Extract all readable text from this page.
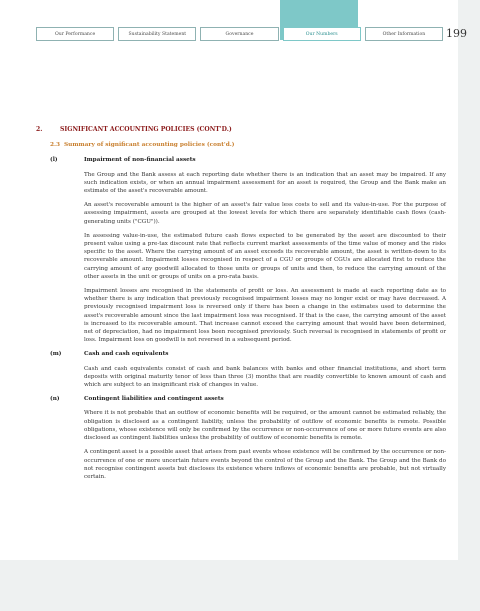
Our Performance	Sustainability Statement	Governance	Our Numbers	Other Information	199
2.	SIGNIFICANT ACCOUNTING POLICIES (CONT'D.)
2.3 Summary of significant accounting policies (cont'd.)
(l)	Impairment of non-financial assets

The Group and the Bank assess at each reporting date whether there is an indication that an asset may be impaired. If any such indication exists, or when an annual impairment assessment for an asset is required, the Group and the Bank make an estimate of the asset's recoverable amount.

An asset's recoverable amount is the higher of an asset's fair value less costs to sell and its value-in-use. For the purpose of assessing impairment, assets are grouped at the lowest levels for which there are separately identifiable cash flows (cash-generating units ("CGU")).

In assessing value-in-use, the estimated future cash flows expected to be generated by the asset are discounted to their present value using a pre-tax discount rate that reflects current market assessments of the time value of money and the risks specific to the asset. Where the carrying amount of an asset exceeds its recoverable amount, the asset is written-down to its recoverable amount. Impairment losses recognised in respect of a CGU or groups of CGUs are allocated first to reduce the carrying amount of any goodwill allocated to those units or groups of units and then, to reduce the carrying amount of the other assets in the unit or groups of units on a pro-rata basis.

Impairment losses are recognised in the statements of profit or loss. An assessment is made at each reporting date as to whether there is any indication that previously recognised impairment losses may no longer exist or may have decreased. A previously recognised impairment loss is reversed only if there has been a change in the estimates used to determine the asset's recoverable amount since the last impairment loss was recognised. If that is the case, the carrying amount of the asset is increased to its recoverable amount. That increase cannot exceed the carrying amount that would have been determined, net of depreciation, had no impairment loss been recognised previously. Such reversal is recognised in statements of profit or loss. Impairment loss on goodwill is not reversed in a subsequent period.

(m)	Cash and cash equivalents

Cash and cash equivalents consist of cash and bank balances with banks and other financial institutions, and short term deposits with original maturity tenor of less than three (3) months that are readily convertible to known amount of cash and which are subject to an insignificant risk of changes in value.

(n)	Contingent liabilities and contingent assets

Where it is not probable that an outflow of economic benefits will be required, or the amount cannot be estimated reliably, the obligation is disclosed as a contingent liability, unless the probability of outflow of economic benefits is remote. Possible obligations, whose existence will only be confirmed by the occurrence or non-occurrence of one or more future events are also disclosed as contingent liabilities unless the probability of outflow of economic benefits is remote.

A contingent asset is a possible asset that arises from past events whose existence will be confirmed by the occurrence or non-occurrence of one or more uncertain future events beyond the control of the Group and the Bank. The Group and the Bank do not recognise contingent assets but discloses its existence where inflows of economic benefits are probable, but not virtually certain.
